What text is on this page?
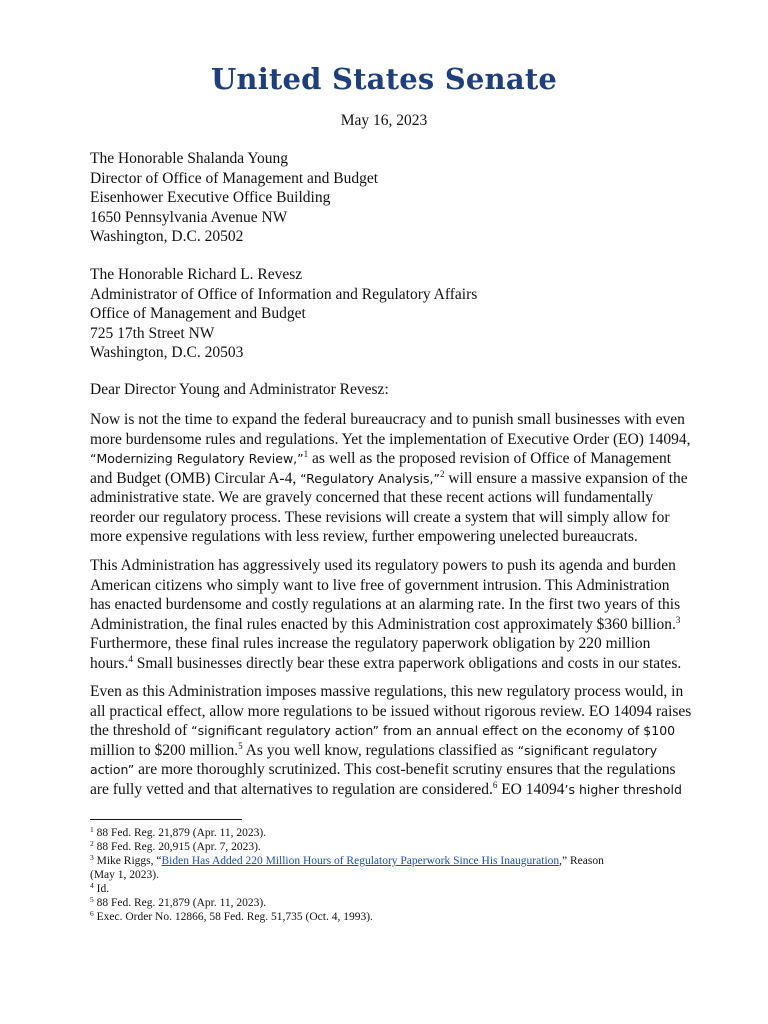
United States Senate
May 16, 2023
The Honorable Shalanda Young
Director of Office of Management and Budget
Eisenhower Executive Office Building
1650 Pennsylvania Avenue NW
Washington, D.C. 20502
The Honorable Richard L. Revesz
Administrator of Office of Information and Regulatory Affairs
Office of Management and Budget
725 17th Street NW
Washington, D.C. 20503
Dear Director Young and Administrator Revesz:
Now is not the time to expand the federal bureaucracy and to punish small businesses with even
more burdensome rules and regulations. Yet the implementation of Executive Order (EO) 14094,
“Modernizing Regulatory Review,”$^1$ as well as the proposed revision of Office of Management
and Budget (OMB) Circular A-4, “Regulatory Analysis,”$^2$ will ensure a massive expansion of the
administrative state. We are gravely concerned that these recent actions will fundamentally
reorder our regulatory process. These revisions will create a system that will simply allow for
more expensive regulations with less review, further empowering unelected bureaucrats.
This Administration has aggressively used its regulatory powers to push its agenda and burden
American citizens who simply want to live free of government intrusion. This Administration
has enacted burdensome and costly regulations at an alarming rate. In the first two years of this
Administration, the final rules enacted by this Administration cost approximately $360 billion.$^3$
Furthermore, these final rules increase the regulatory paperwork obligation by 220 million
hours.$^4$ Small businesses directly bear these extra paperwork obligations and costs in our states.
Even as this Administration imposes massive regulations, this new regulatory process would, in
all practical effect, allow more regulations to be issued without rigorous review. EO 14094 raises
the threshold of “significant regulatory action” from an annual effect on the economy of $100
million to $200 million.$^5$ As you well know, regulations classified as “significant regulatory
action” are more thoroughly scrutinized. This cost-benefit scrutiny ensures that the regulations
are fully vetted and that alternatives to regulation are considered.$^6$ EO 14094’s higher threshold
$^1$ 88 Fed. Reg. 21,879 (Apr. 11, 2023).
$^2$ 88 Fed. Reg. 20,915 (Apr. 7, 2023).
$^3$ Mike Riggs, “Biden Has Added 220 Million Hours of Regulatory Paperwork Since His Inauguration,” Reason
(May 1, 2023).
$^4$ Id.
$^5$ 88 Fed. Reg. 21,879 (Apr. 11, 2023).
$^6$ Exec. Order No. 12866, 58 Fed. Reg. 51,735 (Oct. 4, 1993).
